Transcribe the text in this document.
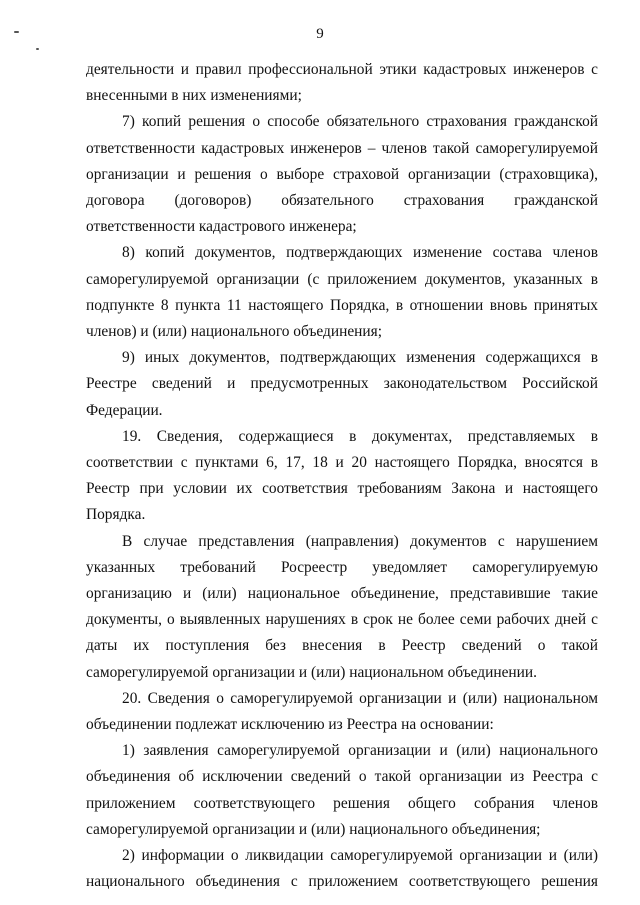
9

деятельности и правил профессиональной этики кадастровых инженеров с внесенными в них изменениями;

7) копий решения о способе обязательного страхования гражданской ответственности кадастровых инженеров – членов такой саморегулируемой организации и решения о выборе страховой организации (страховщика), договора (договоров) обязательного страхования гражданской ответственности кадастрового инженера;

8) копий документов, подтверждающих изменение состава членов саморегулируемой организации (с приложением документов, указанных в подпункте 8 пункта 11 настоящего Порядка, в отношении вновь принятых членов) и (или) национального объединения;

9) иных документов, подтверждающих изменения содержащихся в Реестре сведений и предусмотренных законодательством Российской Федерации.

19. Сведения, содержащиеся в документах, представляемых в соответствии с пунктами 6, 17, 18 и 20 настоящего Порядка, вносятся в Реестр при условии их соответствия требованиям Закона и настоящего Порядка.

В случае представления (направления) документов с нарушением указанных требований Росреестр уведомляет саморегулируемую организацию и (или) национальное объединение, представившие такие документы, о выявленных нарушениях в срок не более семи рабочих дней с даты их поступления без внесения в Реестр сведений о такой саморегулируемой организации и (или) национальном объединении.

20. Сведения о саморегулируемой организации и (или) национальном объединении подлежат исключению из Реестра на основании:

1) заявления саморегулируемой организации и (или) национального объединения об исключении сведений о такой организации из Реестра с приложением соответствующего решения общего собрания членов саморегулируемой организации и (или) национального объединения;

2) информации о ликвидации саморегулируемой организации и (или) национального объединения с приложением соответствующего решения
